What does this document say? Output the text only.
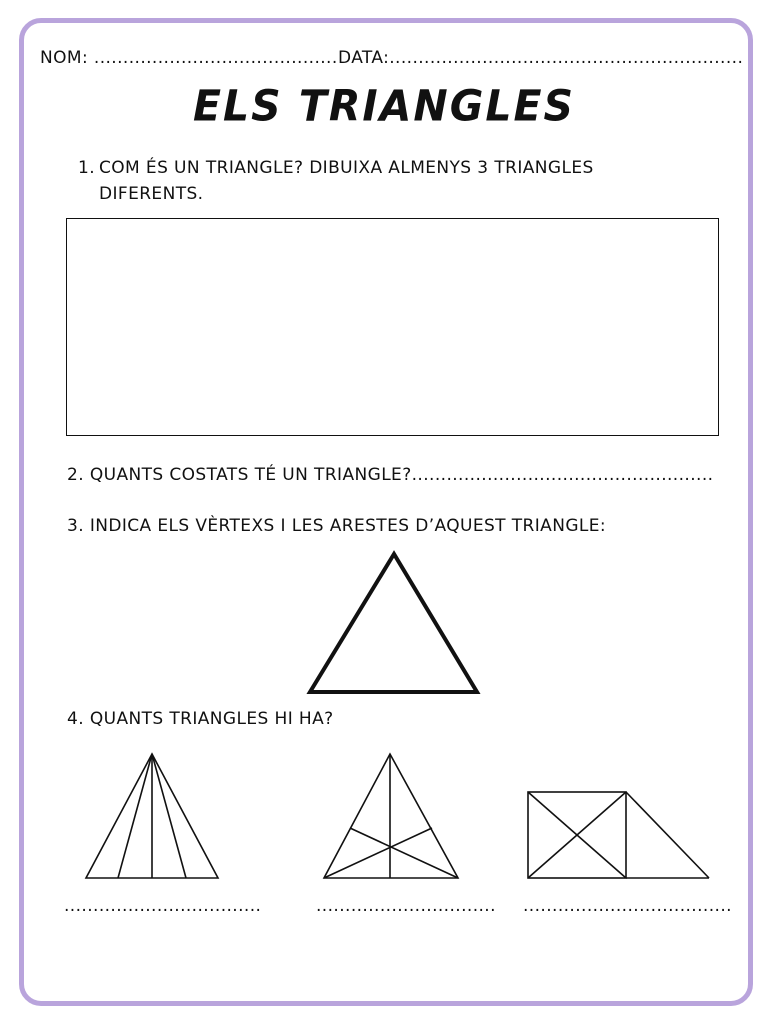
NOM: .......................................... DATA:.............................................................
ELS TRIANGLES
1. COM ÉS UN TRIANGLE? DIBUIXA ALMENYS 3 TRIANGLES
DIFERENTS.
2. QUANTS COSTATS TÉ UN TRIANGLE?....................................................
3. INDICA ELS VÈRTEXS I LES ARESTES D’AQUEST TRIANGLE:
4. QUANTS TRIANGLES HI HA?
..................................	............................... ....................................
